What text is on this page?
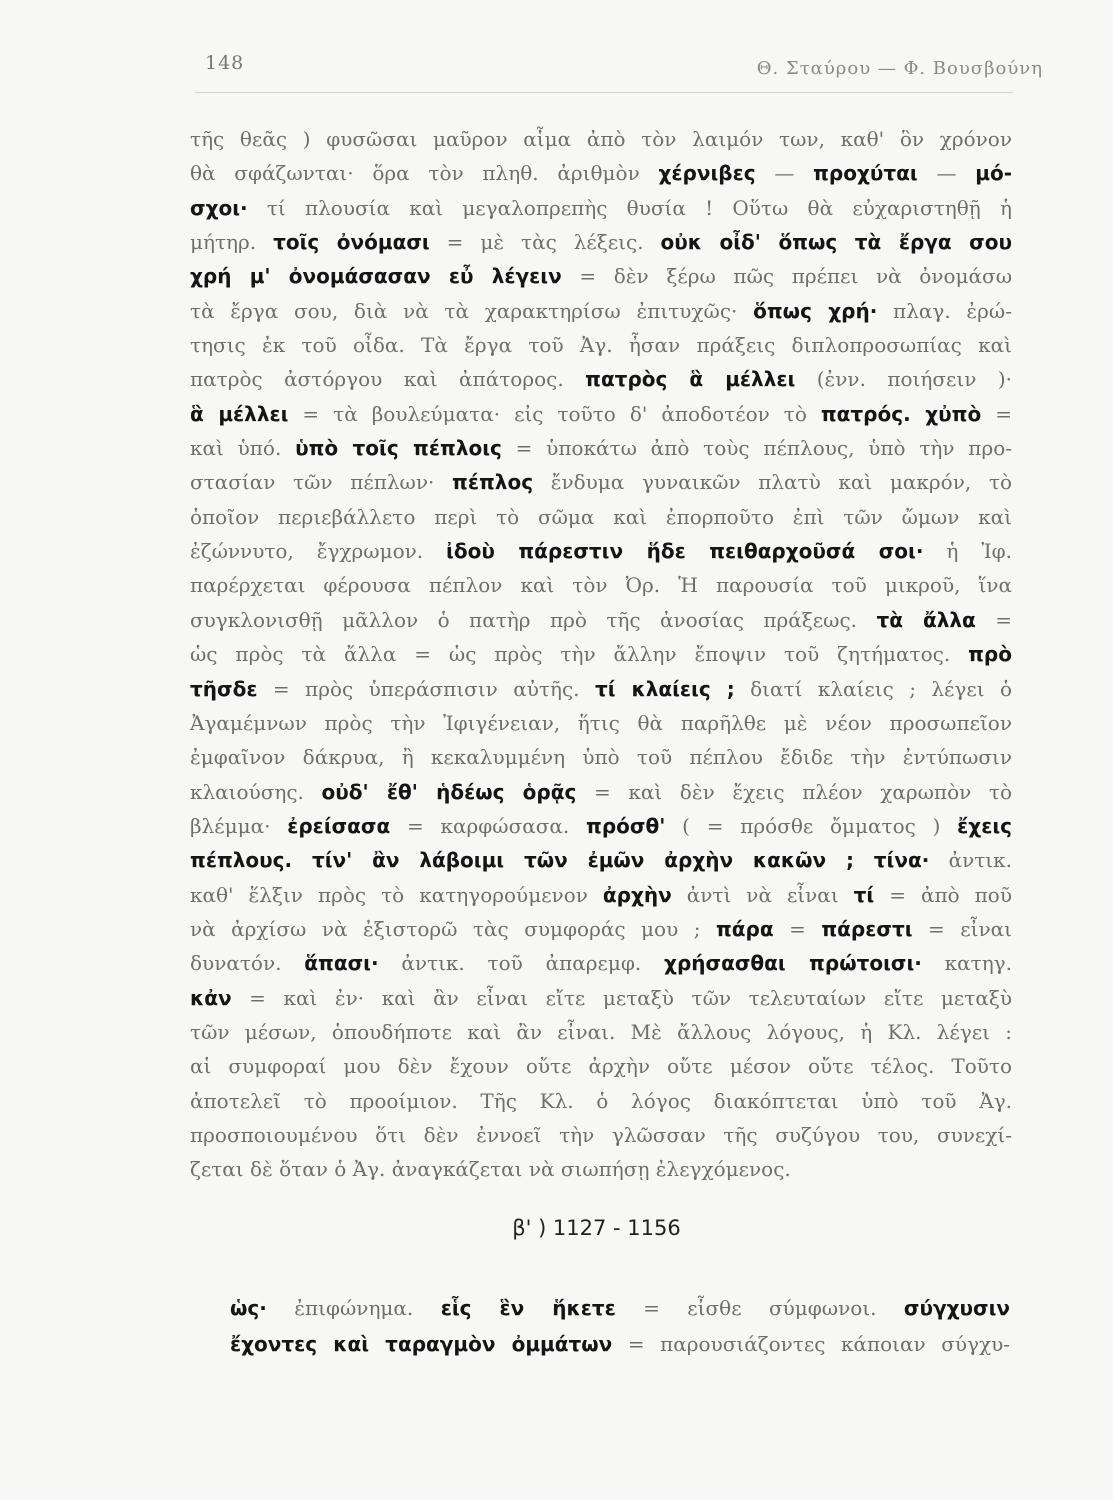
148	Θ. Σταύρου — Φ. Βουσβούνη
τῆς θεᾶς ) φυσῶσαι μαῦρον αἷμα ἀπὸ τὸν λαιμόν των, καθ' ὃν χρόνον
θὰ σφάζωνται· ὅρα τὸν πληθ. ἀριθμὸν χέρνιβες — προχύται — μό-
σχοι· τί πλουσία καὶ μεγαλοπρεπὴς θυσία ! Οὕτω θὰ εὐχαριστηθῇ ἡ
μήτηρ. τοῖς ὀνόμασι = μὲ τὰς λέξεις. οὐκ οἶδ' ὅπως τὰ ἔργα σου
χρή μ' ὀνομάσασαν εὖ λέγειν = δὲν ξέρω πῶς πρέπει νὰ ὀνομάσω
τὰ ἔργα σου, διὰ νὰ τὰ χαρακτηρίσω ἐπιτυχῶς· ὅπως χρή· πλαγ. ἐρώ-
τησις ἐκ τοῦ οἶδα. Τὰ ἔργα τοῦ Ἀγ. ἦσαν πράξεις διπλοπροσωπίας καὶ
πατρὸς ἀστόργου καὶ ἀπάτορος. πατρὸς ἃ μέλλει (ἐνν. ποιήσειν )·
ἃ μέλλει = τὰ βουλεύματα· εἰς τοῦτο δ' ἀποδοτέον τὸ πατρός. χὐπὸ =
καὶ ὑπό. ὑπὸ τοῖς πέπλοις = ὑποκάτω ἀπὸ τοὺς πέπλους, ὑπὸ τὴν προ-
στασίαν τῶν πέπλων· πέπλος ἔνδυμα γυναικῶν πλατὺ καὶ μακρόν, τὸ
ὁποῖον περιεβάλλετο περὶ τὸ σῶμα καὶ ἐπορποῦτο ἐπὶ τῶν ὤμων καὶ
ἐζώννυτο, ἔγχρωμον. ἰδοὺ πάρεστιν ἥδε πειθαρχοῦσά σοι· ἡ Ἰφ.
παρέρχεται φέρουσα πέπλον καὶ τὸν Ὀρ. Ἡ παρουσία τοῦ μικροῦ, ἵνα
συγκλονισθῇ μᾶλλον ὁ πατὴρ πρὸ τῆς ἀνοσίας πράξεως. τὰ ἄλλα =
ὡς πρὸς τὰ ἄλλα = ὡς πρὸς τὴν ἄλλην ἔποψιν τοῦ ζητήματος. πρὸ
τῆσδε = πρὸς ὑπεράσπισιν αὐτῆς. τί κλαίεις ; διατί κλαίεις ; λέγει ὁ
Ἀγαμέμνων πρὸς τὴν Ἰφιγένειαν, ἥτις θὰ παρῆλθε μὲ νέον προσωπεῖον
ἐμφαῖνον δάκρυα, ἢ κεκαλυμμένη ὑπὸ τοῦ πέπλου ἔδιδε τὴν ἐντύπωσιν
κλαιούσης. οὐδ' ἔθ' ἡδέως ὁρᾷς = καὶ δὲν ἔχεις πλέον χαρωπὸν τὸ
βλέμμα· ἐρείσασα = καρφώσασα. πρόσθ' ( = πρόσθε ὄμματος ) ἔχεις
πέπλους. τίν' ἂν λάβοιμι τῶν ἐμῶν ἀρχὴν κακῶν ; τίνα· ἀντικ.
καθ' ἕλξιν πρὸς τὸ κατηγορούμενον ἀρχὴν ἀντὶ νὰ εἶναι τί = ἀπὸ ποῦ
νὰ ἀρχίσω νὰ ἐξιστορῶ τὰς συμφοράς μου ; πάρα = πάρεστι = εἶναι
δυνατόν. ἅπασι· ἀντικ. τοῦ ἀπαρεμφ. χρήσασθαι πρώτοισι· κατηγ.
κἀν = καὶ ἐν· καὶ ἂν εἶναι εἴτε μεταξὺ τῶν τελευταίων εἴτε μεταξὺ
τῶν μέσων, ὁπουδήποτε καὶ ἂν εἶναι. Μὲ ἄλλους λόγους, ἡ Κλ. λέγει :
αἱ συμφοραί μου δὲν ἔχουν οὔτε ἀρχὴν οὔτε μέσον οὔτε τέλος. Τοῦτο
ἀποτελεῖ τὸ προοίμιον. Τῆς Κλ. ὁ λόγος διακόπτεται ὑπὸ τοῦ Ἀγ.
προσποιουμένου ὅτι δὲν ἐννοεῖ τὴν γλῶσσαν τῆς συζύγου του, συνεχί-
ζεται δὲ ὅταν ὁ Ἀγ. ἀναγκάζεται νὰ σιωπήσῃ ἐλεγχόμενος.
β' ) 1127 - 1156
ὡς· ἐπιφώνημα. εἷς ἓν ἥκετε = εἶσθε σύμφωνοι. σύγχυσιν
ἔχοντες καὶ ταραγμὸν ὀμμάτων = παρουσιάζοντες κάποιαν σύγχυ-
